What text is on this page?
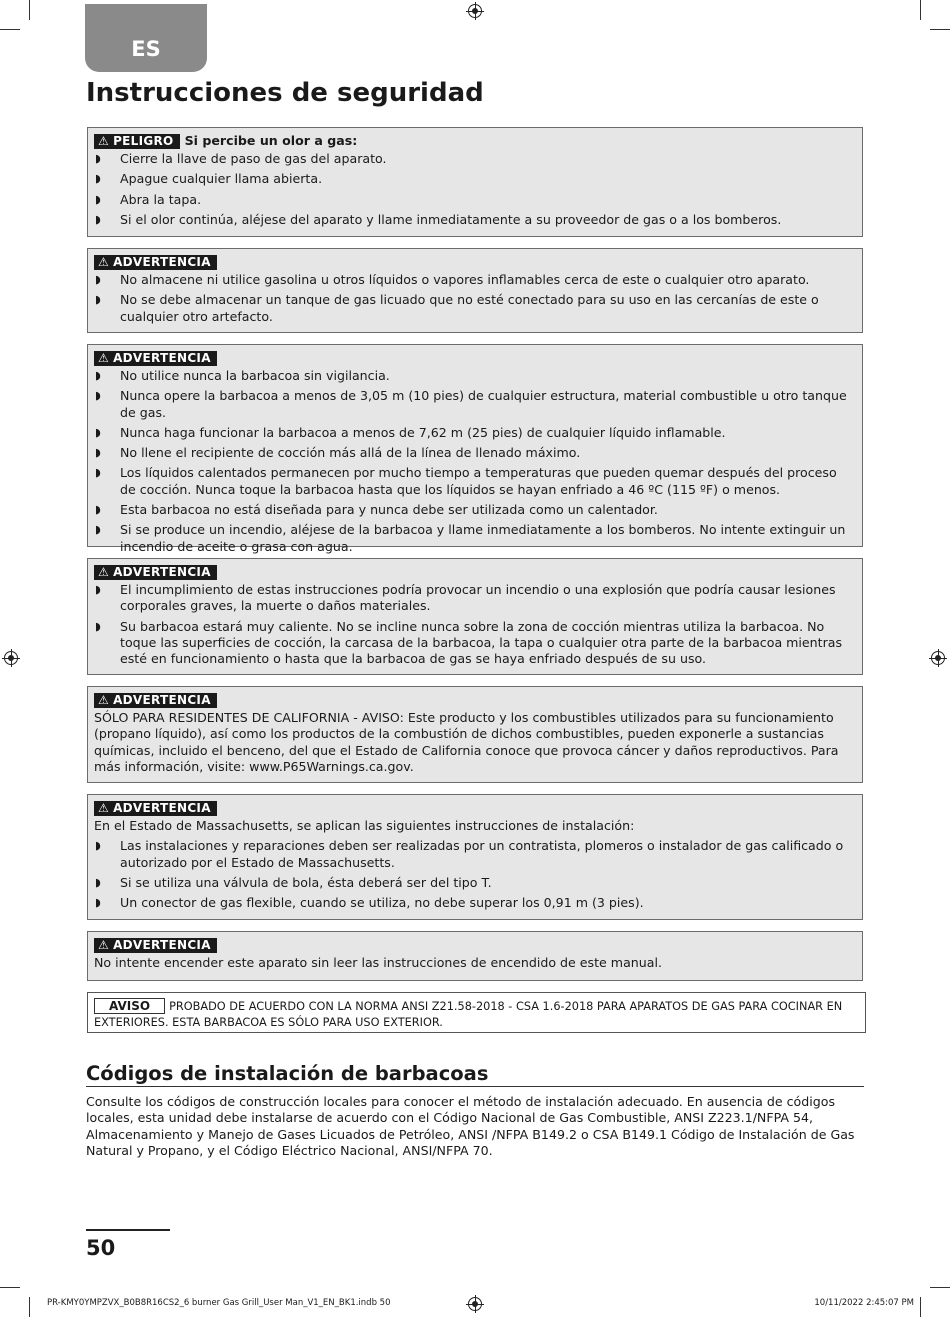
ES
Instrucciones de seguridad
⚠ PELIGRO Si percibe un olor a gas:
◗ Cierre la llave de paso de gas del aparato.
◗ Apague cualquier llama abierta.
◗ Abra la tapa.
◗ Si el olor continúa, aléjese del aparato y llame inmediatamente a su proveedor de gas o a los bomberos.
⚠ ADVERTENCIA
◗ No almacene ni utilice gasolina u otros líquidos o vapores inflamables cerca de este o cualquier otro aparato.
◗ No se debe almacenar un tanque de gas licuado que no esté conectado para su uso en las cercanías de este o cualquier otro artefacto.
⚠ ADVERTENCIA
◗ No utilice nunca la barbacoa sin vigilancia.
◗ Nunca opere la barbacoa a menos de 3,05 m (10 pies) de cualquier estructura, material combustible u otro tanque de gas.
◗ Nunca haga funcionar la barbacoa a menos de 7,62 m (25 pies) de cualquier líquido inflamable.
◗ No llene el recipiente de cocción más allá de la línea de llenado máximo.
◗ Los líquidos calentados permanecen por mucho tiempo a temperaturas que pueden quemar después del proceso de cocción. Nunca toque la barbacoa hasta que los líquidos se hayan enfriado a 46 ºC (115 ºF) o menos.
◗ Esta barbacoa no está diseñada para y nunca debe ser utilizada como un calentador.
◗ Si se produce un incendio, aléjese de la barbacoa y llame inmediatamente a los bomberos. No intente extinguir un incendio de aceite o grasa con agua.
⚠ ADVERTENCIA
◗ El incumplimiento de estas instrucciones podría provocar un incendio o una explosión que podría causar lesiones corporales graves, la muerte o daños materiales.
◗ Su barbacoa estará muy caliente. No se incline nunca sobre la zona de cocción mientras utiliza la barbacoa. No toque las superficies de cocción, la carcasa de la barbacoa, la tapa o cualquier otra parte de la barbacoa mientras esté en funcionamiento o hasta que la barbacoa de gas se haya enfriado después de su uso.
⚠ ADVERTENCIA

SÓLO PARA RESIDENTES DE CALIFORNIA - AVISO: Este producto y los combustibles utilizados para su funcionamiento (propano líquido), así como los productos de la combustión de dichos combustibles, pueden exponerle a sustancias químicas, incluido el benceno, del que el Estado de California conoce que provoca cáncer y daños reproductivos. Para más información, visite: www.P65Warnings.ca.gov.

⚠ ADVERTENCIA

En el Estado de Massachusetts, se aplican las siguientes instrucciones de instalación:

◗ Las instalaciones y reparaciones deben ser realizadas por un contratista, plomeros o instalador de gas calificado o autorizado por el Estado de Massachusetts.
◗ Si se utiliza una válvula de bola, ésta deberá ser del tipo T.
◗ Un conector de gas flexible, cuando se utiliza, no debe superar los 0,91 m (3 pies).
⚠ ADVERTENCIA

No intente encender este aparato sin leer las instrucciones de encendido de este manual.

AVISO PROBADO DE ACUERDO CON LA NORMA ANSI Z21.58-2018 - CSA 1.6-2018 PARA APARATOS DE GAS PARA COCINAR EN EXTERIORES. ESTA BARBACOA ES SÓLO PARA USO EXTERIOR.
Códigos de instalación de barbacoas

Consulte los códigos de construcción locales para conocer el método de instalación adecuado. En ausencia de códigos locales, esta unidad debe instalarse de acuerdo con el Código Nacional de Gas Combustible, ANSI Z223.1/NFPA 54, Almacenamiento y Manejo de Gases Licuados de Petróleo, ANSI /NFPA B149.2 o CSA B149.1 Código de Instalación de Gas Natural y Propano, y el Código Eléctrico Nacional, ANSI/NFPA 70.

50
PR-KMY0YMPZVX_B0B8R16CS2_6 burner Gas Grill_User Man_V1_EN_BK1.indb 50	10/11/2022 2:45:07 PM
